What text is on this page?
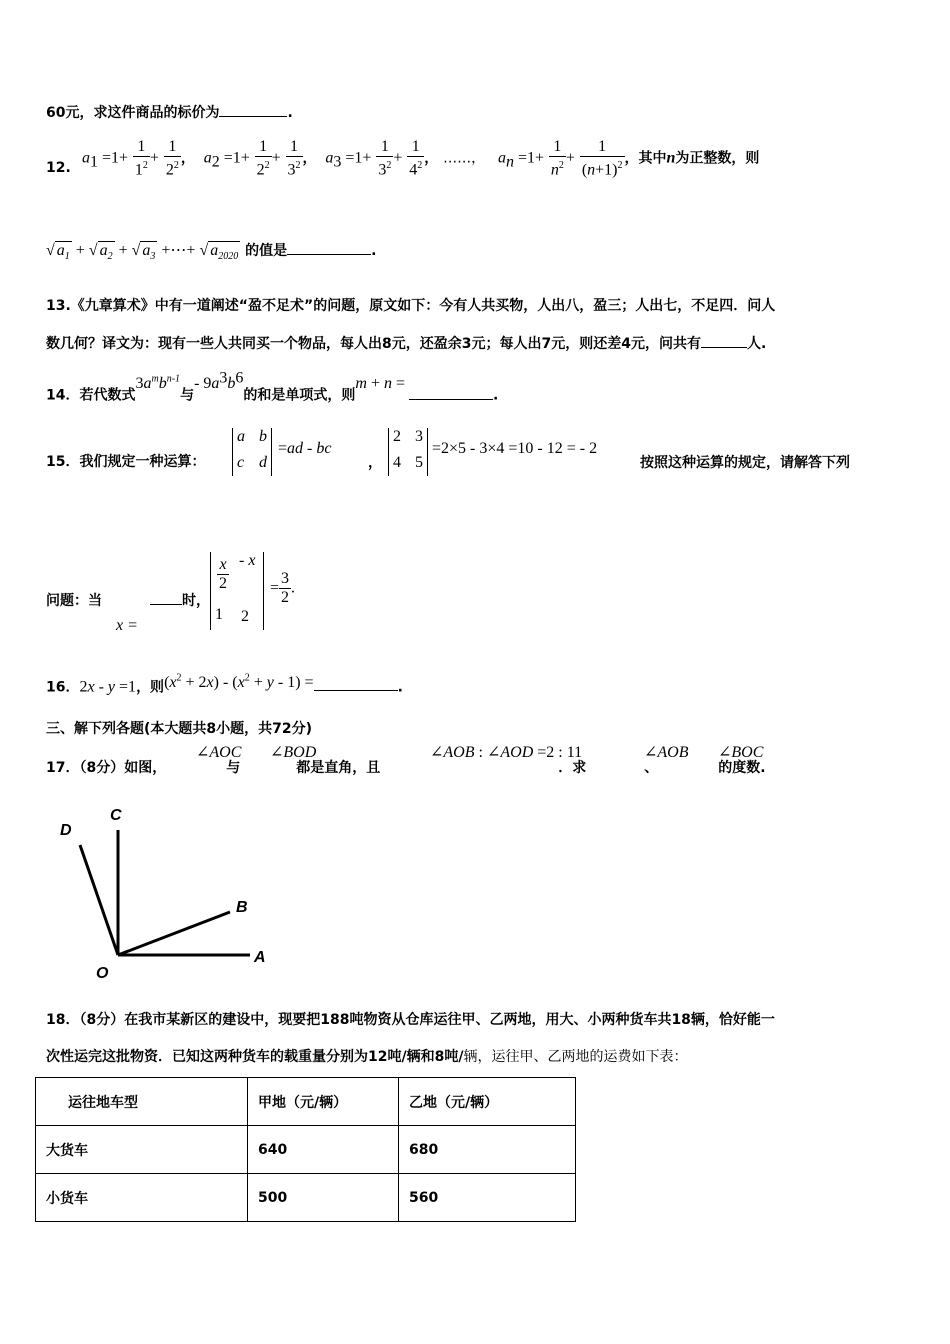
60元，求这件商品的标价为	.
12.
$a_1 =1+ \frac{1}{1^2} + \frac{1}{2^2}$ ，  $a_2 =1+ \frac{1}{2^2} + \frac{1}{3^2}$ ，  $a_3 =1+ \frac{1}{3^2} + \frac{1}{4^2}$ ， ……，   $a_n =1+ \frac{1}{n^2} + \frac{1}{(n+1)^2}$ ，其中n为正整数，则
√ $a_1$ + √ $a_2$ + √ $a_3$ +⋯+ √ $a_{2020}$ 的值是	.
13.《九章算术》中有一道阐述“盈不足术”的问题，原文如下：今有人共买物，人出八，盈三；人出七，不足四．问人
数几何？译文为：现有一些人共同买一个物品，每人出8元，还盈余3元；每人出7元，则还差4元，问共有	人.
14．若代数式$3a^mb^{n-1}$与- $9a^3b^6$的和是单项式，则m + n = .
15．我们规定一种运算：
a b
c d
=ad - bc
，
2 3
4 5
=2×5 - 3×4 =10 - 12 = - 2
按照这种运算的规定，请解答下列
问题：当	时，
x =
$\frac{x}{2}$ - x
1 2
= $\frac{3}{2}$ .
16．2x - y =1，则$(x^2 + 2x) - (x^2 + y - 1)$ =	.
三、解下列各题(本大题共8小题，共72分)
17．（8分）如图，	与	都是直角，且	．求	、	的度数.
∠AOC ∠BOD	∠AOB : ∠AOD =2 : 11	∠AOB ∠BOC
D
C
B
A
O
18．（8分）在我市某新区的建设中，现要把188吨物资从仓库运往甲、乙两地，用大、小两种货车共18辆，恰好能一
次性运完这批物资．已知这两种货车的载重量分别为12吨/辆和8吨/辆，运往甲、乙两地的运费如下表：
运往地车型	甲地（元/辆）	乙地（元/辆）
大货车	640	680
小货车	500	560
